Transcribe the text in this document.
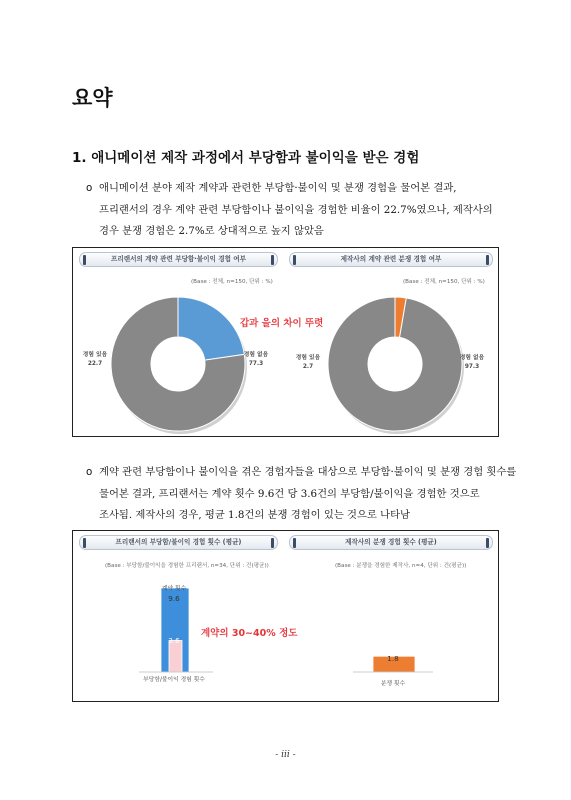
요약
1. 애니메이션 제작 과정에서 부당함과 불이익을 받은 경험
o 애니메이션 분야 제작 계약과 관련한 부당함·불이익 및 분쟁 경험을 물어본 결과,
프리랜서의 경우 계약 관련 부당함이나 불이익을 경험한 비율이 22.7%였으나, 제작사의
경우 분쟁 경험은 2.7%로 상대적으로 높지 않았음
프리랜서의 계약 관련 부당함·불이익 경험 여부	제작사의 계약 관련 분쟁 경험 여부
(Base : 전체, n=150, 단위 : %)	(Base : 전체, n=150, 단위 : %)
경험 있음
22.7
경험 없음
77.3
경험 있음
2.7
경험 없음
97.3
갑과 을의 차이 뚜렷
o 계약 관련 부당함이나 불이익을 겪은 경험자들을 대상으로 부당함·불이익 및 분쟁 경험 횟수를
물어본 결과, 프리랜서는 계약 횟수 9.6건 당 3.6건의 부당함/불이익을 경험한 것으로
조사됨. 제작사의 경우, 평균 1.8건의 분쟁 경험이 있는 것으로 나타남
프리랜서의 부당함/불이익 경험 횟수 (평균)	제작사의 분쟁 경험 횟수 (평균)
(Base : 부당함/불이익을 경험한 프리랜서, n=34, 단위 : 건(평균))	(Base : 분쟁을 경험한 제작사, n=4, 단위 : 건(평균))
계약 횟수
9.6
3.6
부당함/불이익 경험 횟수
계약의 30~40% 정도
1.8
분쟁 횟수
- iii -
